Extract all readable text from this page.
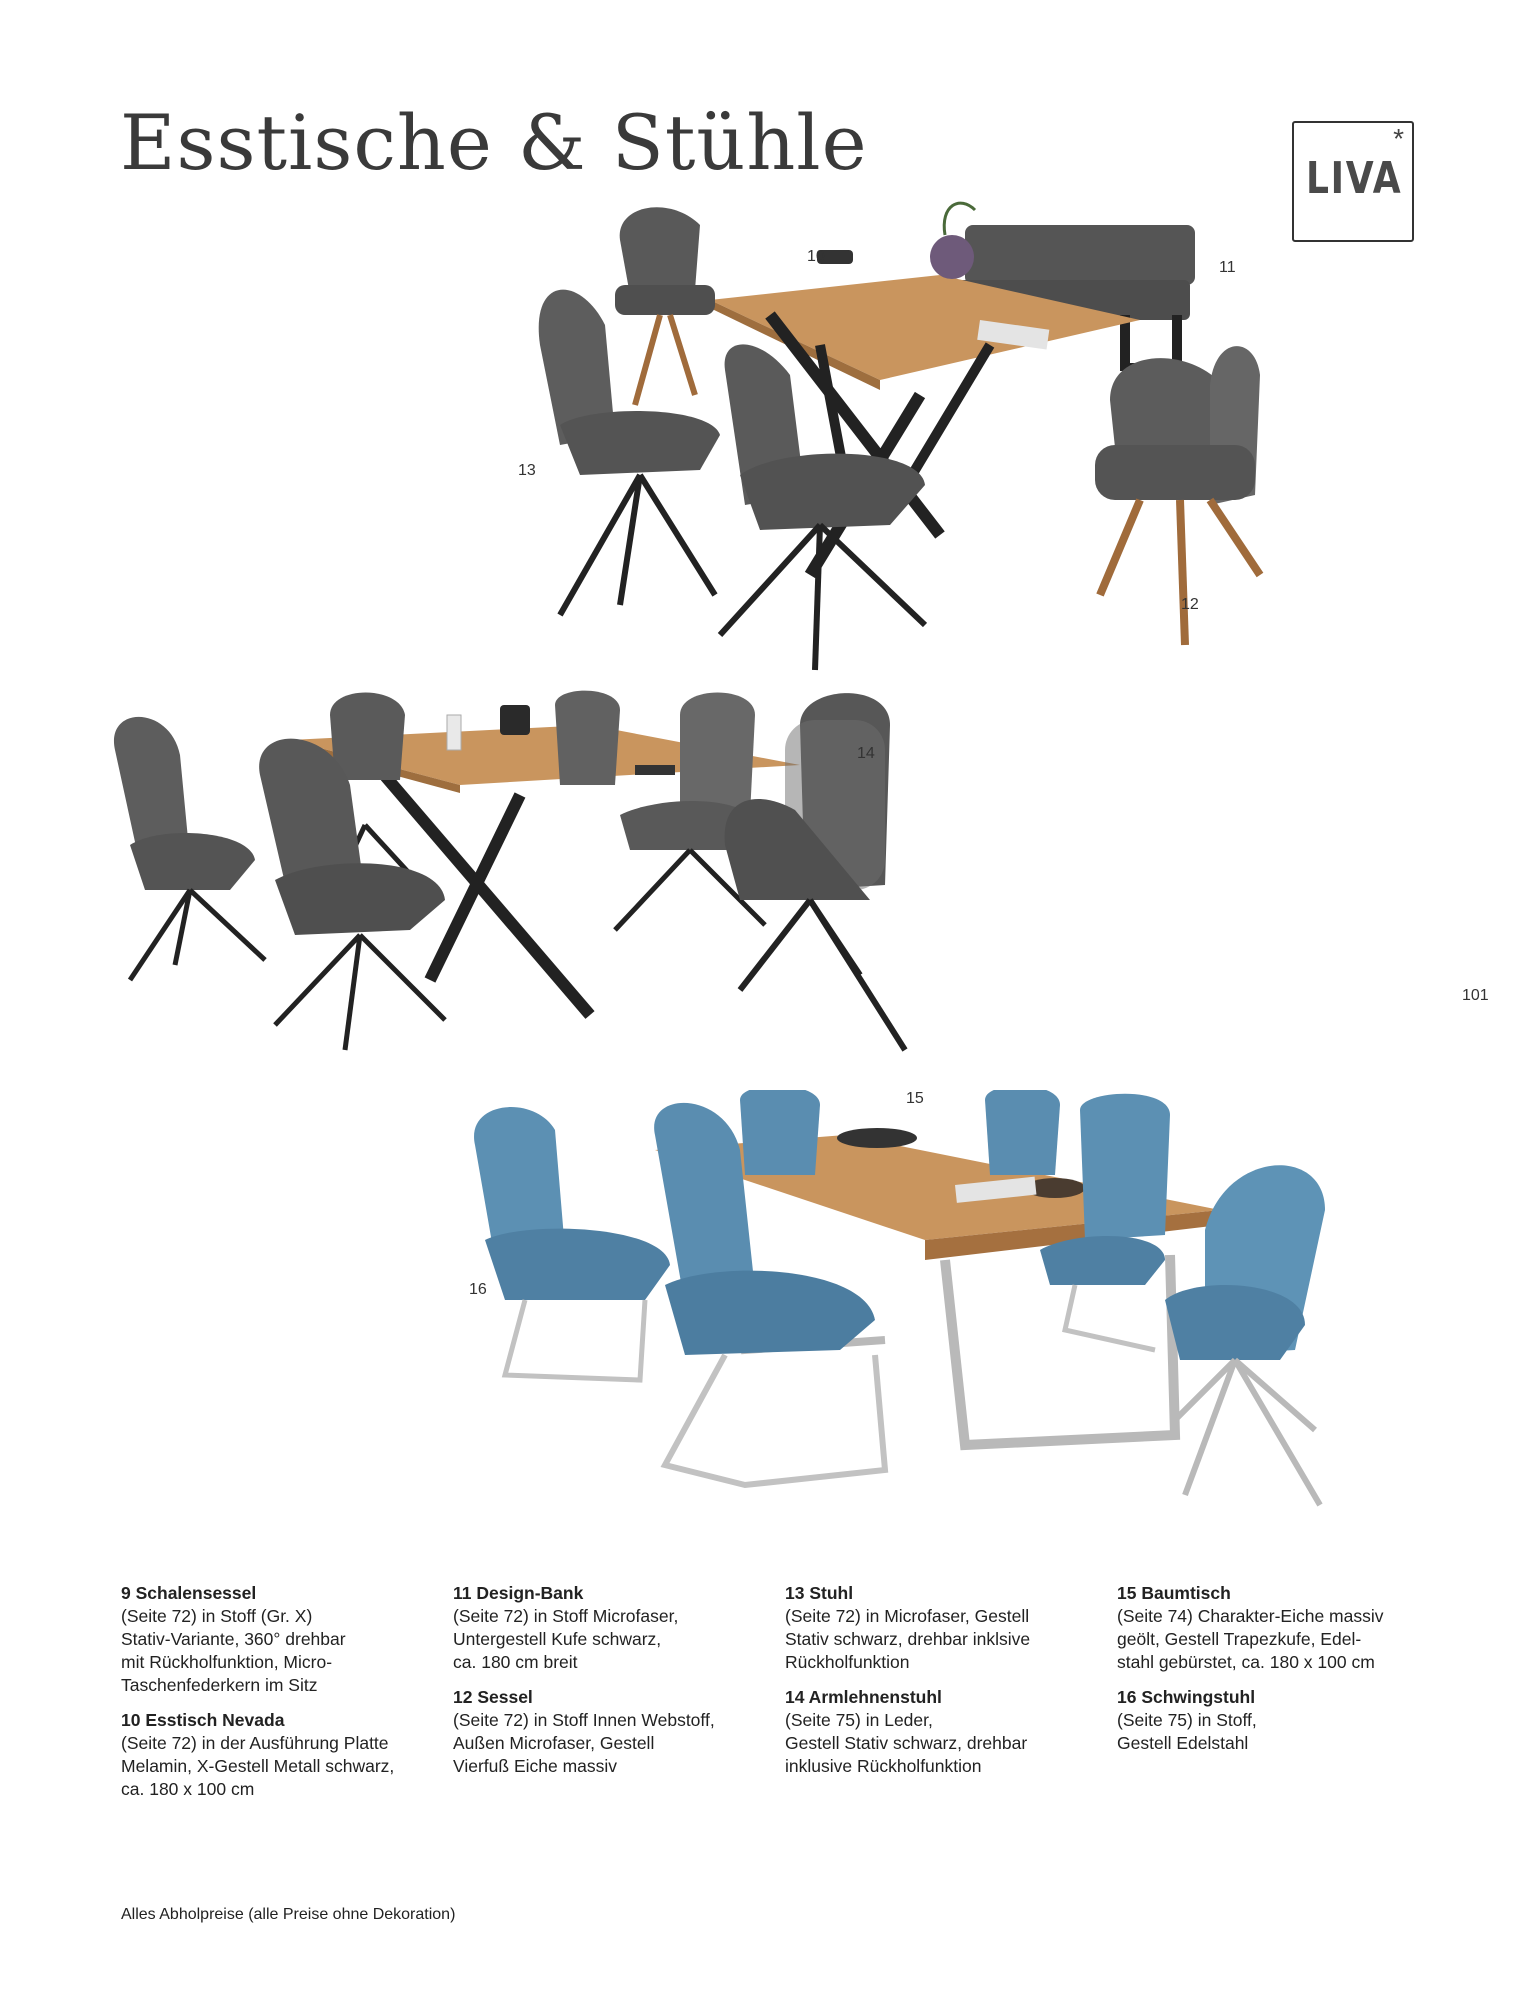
Esstische & Stühle	*
LIVA
10
11
12
13
14
15
16
101
9 Schalensessel
(Seite 72) in Stoff (Gr. X)
Stativ-Variante, 360° drehbar
mit Rückholfunktion, Micro-
Taschenfederkern im Sitz
10 Esstisch Nevada
(Seite 72) in der Ausführung Platte
Melamin, X-Gestell Metall schwarz,
ca. 180 x 100 cm
11 Design-Bank
(Seite 72) in Stoff Microfaser,
Untergestell Kufe schwarz,
ca. 180 cm breit
12 Sessel
(Seite 72) in Stoff Innen Webstoff,
Außen Microfaser, Gestell
Vierfuß Eiche massiv
13 Stuhl
(Seite 72) in Microfaser, Gestell
Stativ schwarz, drehbar inklsive
Rückholfunktion
14 Armlehnenstuhl
(Seite 75) in Leder,
Gestell Stativ schwarz, drehbar
inklusive Rückholfunktion
15 Baumtisch
(Seite 74) Charakter-Eiche massiv
geölt, Gestell Trapezkufe, Edel-
stahl gebürstet, ca. 180 x 100 cm
16 Schwingstuhl
(Seite 75) in Stoff,
Gestell Edelstahl
Alles Abholpreise (alle Preise ohne Dekoration)
